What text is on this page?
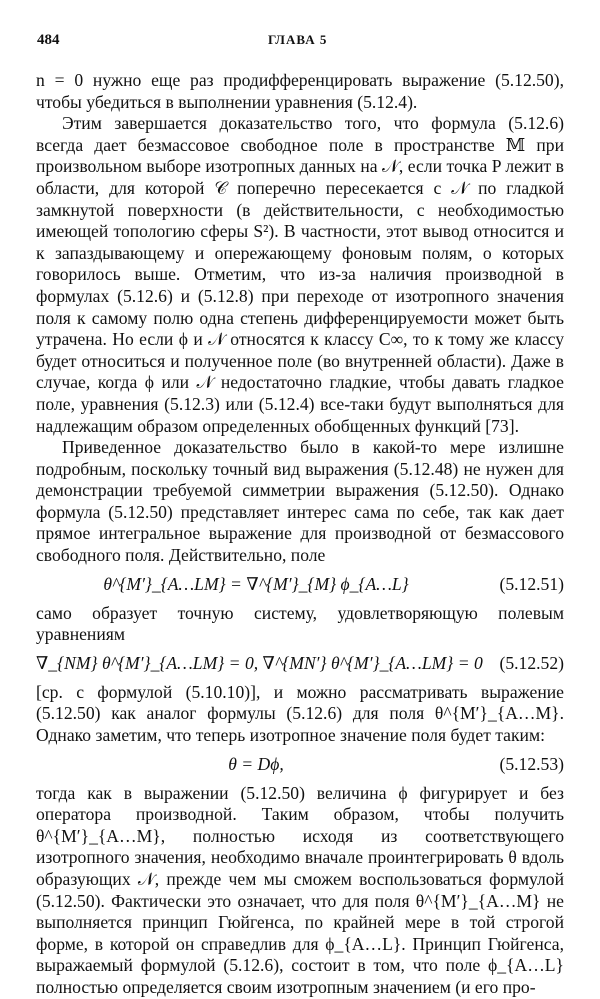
484	ГЛАВА 5

n = 0 нужно еще раз продифференцировать выражение (5.12.50), чтобы убедиться в выполнении уравнения (5.12.4).

Этим завершается доказательство того, что формула (5.12.6) всегда дает безмассовое свободное поле в пространстве 𝕄 при произвольном выборе изотропных данных на 𝒩, если точка P лежит в области, для которой 𝒞 поперечно пересекается с 𝒩 по гладкой замкнутой поверхности (в действительности, с необходимостью имеющей топологию сферы S²). В частности, этот вывод относится и к запаздывающему и опережающему фоновым полям, о которых говорилось выше. Отметим, что из-за наличия производной в формулах (5.12.6) и (5.12.8) при переходе от изотропного значения поля к самому полю одна степень дифференцируемости может быть утрачена. Но если ϕ и 𝒩 относятся к классу C∞, то к тому же классу будет относиться и полученное поле (во внутренней области). Даже в случае, когда ϕ или 𝒩 недостаточно гладкие, чтобы давать гладкое поле, уравнения (5.12.3) или (5.12.4) все-таки будут выполняться для надлежащим образом определенных обобщенных функций [73].

Приведенное доказательство было в какой-то мере излишне подробным, поскольку точный вид выражения (5.12.48) не нужен для демонстрации требуемой симметрии выражения (5.12.50). Однако формула (5.12.50) представляет интерес сама по себе, так как дает прямое интегральное выражение для производной от безмассового свободного поля. Действительно, поле

θ^{M′}_{A…LM} = ∇^{M′}_{M} ϕ_{A…L}	(5.12.51)

само образует точную систему, удовлетворяющую полевым уравнениям

∇_{NM} θ^{M′}_{A…LM} = 0, ∇^{MN′} θ^{M′}_{A…LM} = 0 (5.12.52)

[ср. с формулой (5.10.10)], и можно рассматривать выражение (5.12.50) как аналог формулы (5.12.6) для поля θ^{M′}_{A…M}. Однако заметим, что теперь изотропное значение поля будет таким:

θ = Dϕ,	(5.12.53)

тогда как в выражении (5.12.50) величина ϕ фигурирует и без оператора производной. Таким образом, чтобы получить θ^{M′}_{A…M}, полностью исходя из соответствующего изотропного значения, необходимо вначале проинтегрировать θ вдоль образующих 𝒩, прежде чем мы сможем воспользоваться формулой (5.12.50). Фактически это означает, что для поля θ^{M′}_{A…M} не выполняется принцип Гюйгенса, по крайней мере в той строгой форме, в которой он справедлив для ϕ_{A…L}. Принцип Гюйгенса, выражаемый формулой (5.12.6), состоит в том, что поле ϕ_{A…L} полностью определяется своим изотропным значением (и его про-
